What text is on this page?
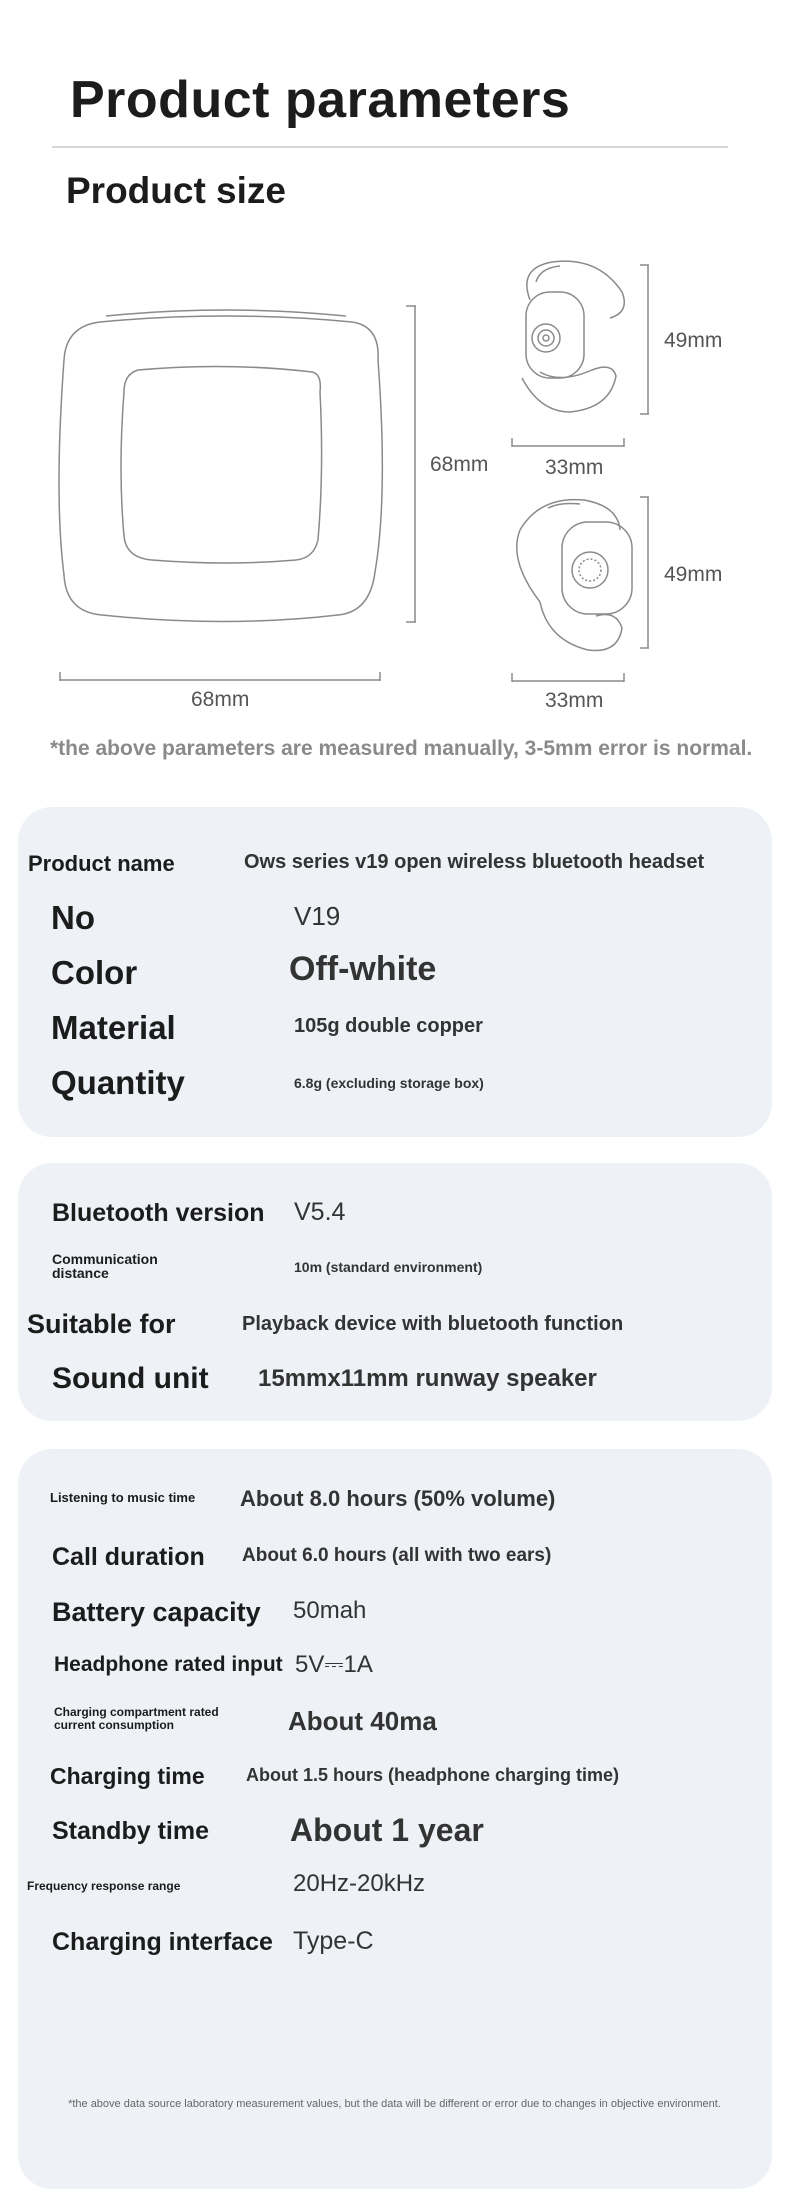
Product parameters
Product size
68mm
68mm
49mm
33mm
49mm
33mm
*the above parameters are measured manually, 3-5mm error is normal.
Product name	Ows series v19 open wireless bluetooth headset
No	V19
Color	Off-white
Material	105g double copper
Quantity	6.8g (excluding storage box)
Bluetooth version V5.4
Communication distance	10m (standard environment)
Suitable for	Playback device with bluetooth function
Sound unit 15mmx11mm runway speaker
Listening to music time About 8.0 hours (50% volume)
Call duration About 6.0 hours (all with two ears)
Battery capacity 50mah
Headphone rated input 5V⎓1A
Charging compartment rated current consumption	About 40ma
Charging time About 1.5 hours (headphone charging time)
Standby time	About 1 year
Frequency response range	20Hz-20kHz
Charging interface Type-C
*the above data source laboratory measurement values, but the data will be different or error due to changes in objective environment.
